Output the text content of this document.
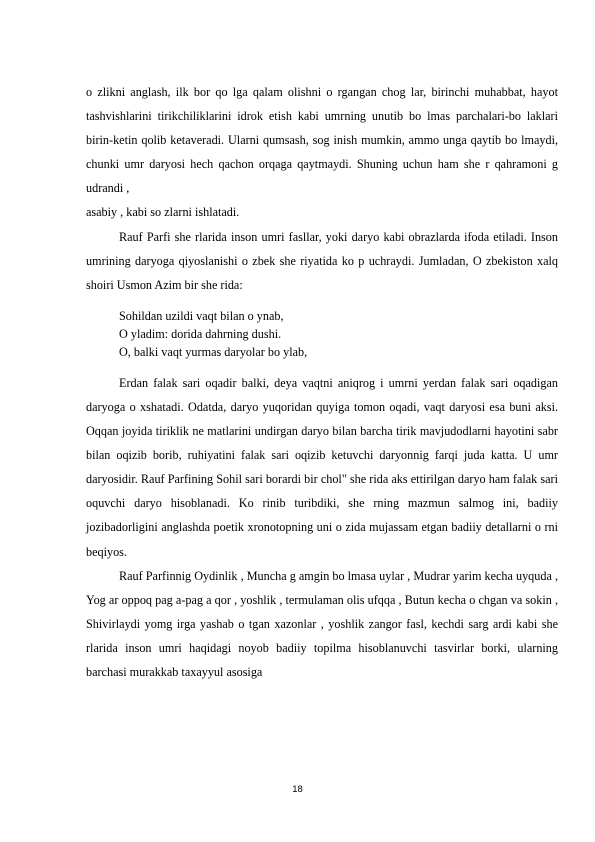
o zlikni anglash, ilk bor qo lga qalam olishni o rgangan chog lar, birinchi muhabbat, hayot tashvishlarini tirikchiliklarini idrok etish kabi umrning unutib bo lmas parchalari-bo laklari birin-ketin qolib ketaveradi. Ularni qumsash, sog inish mumkin, ammo unga qaytib bo lmaydi, chunki umr daryosi hech qachon orqaga qaytmaydi. Shuning uchun ham she r qahramoni g udrandi ,

asabiy , kabi so zlarni ishlatadi.

Rauf Parfi she rlarida inson umri fasllar, yoki daryo kabi obrazlarda ifoda etiladi. Inson umrining daryoga qiyoslanishi o zbek she riyatida ko p uchraydi. Jumladan, O zbekiston xalq shoiri Usmon Azim bir she rida:

Sohildan uzildi vaqt bilan o ynab,
O yladim: dorida dahrning dushi.
O, balki vaqt yurmas daryolar bo ylab,

Erdan falak sari oqadir balki, deya vaqtni aniqrog i umrni yerdan falak sari oqadigan daryoga o xshatadi. Odatda, daryo yuqoridan quyiga tomon oqadi, vaqt daryosi esa buni aksi. Oqqan joyida tiriklik ne matlarini undirgan daryo bilan barcha tirik mavjudodlarni hayotini sabr bilan oqizib borib, ruhiyatini falak sari oqizib ketuvchi daryonnig farqi juda katta. U umr daryosidir. Rauf Parfining Sohil sari borardi bir chol" she rida aks ettirilgan daryo ham falak sari oquvchi daryo hisoblanadi. Ko rinib turibdiki, she rning mazmun salmog ini, badiiy jozibadorligini anglashda poetik xronotopning uni o zida mujassam etgan badiiy detallarni o rni beqiyos.

Rauf Parfinnig Oydinlik , Muncha g amgin bo lmasa uylar , Mudrar yarim kecha uyquda , Yog ar oppoq pag a-pag a qor , yoshlik , termulaman olis ufqqa , Butun kecha o chgan va sokin , Shivirlaydi yomg irga yashab o tgan xazonlar , yoshlik zangor fasl, kechdi sarg ardi kabi she rlarida inson umri haqidagi noyob badiiy topilma hisoblanuvchi tasvirlar borki, ularning barchasi murakkab taxayyul asosiga

18
